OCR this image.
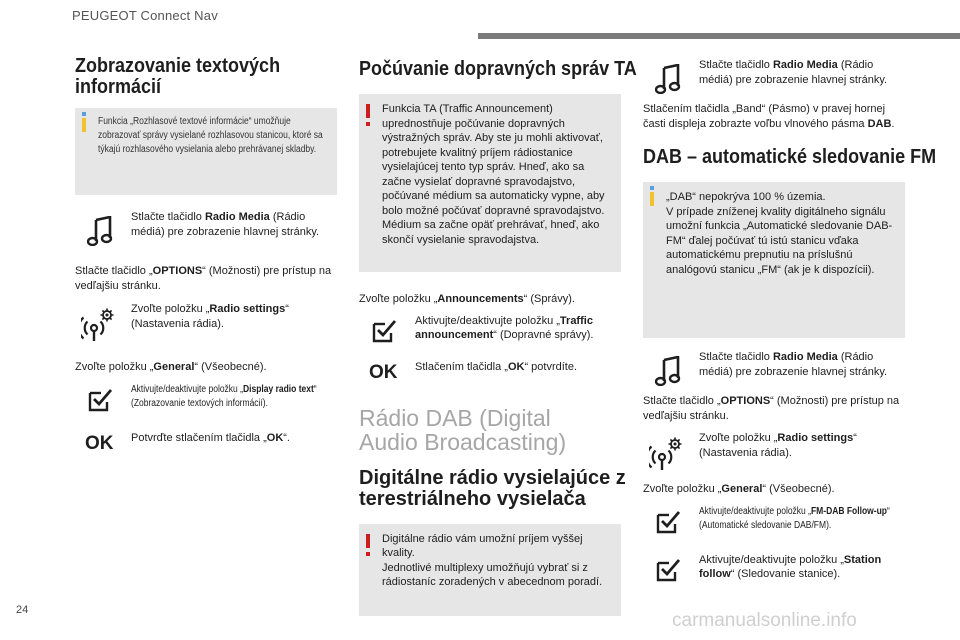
PEUGEOT Connect Nav
carmanualsonline.info
24
Zobrazovanie textových informácií
Funkcia „Rozhlasové textové informácie“ umožňuje zobrazovať správy vysielané rozhlasovou stanicou, ktoré sa týkajú rozhlasového vysielania alebo prehrávanej skladby.
Stlačte tlačidlo Radio Media (Rádio médiá) pre zobrazenie hlavnej stránky.
Stlačte tlačidlo „OPTIONS“ (Možnosti) pre prístup na vedľajšiu stránku.
Zvoľte položku „Radio settings“ (Nastavenia rádia).
Zvoľte položku „General“ (Všeobecné).
Aktivujte/deaktivujte položku „Display radio text“ (Zobrazovanie textových informácií).
OK Potvrďte stlačením tlačidla „OK“.
Počúvanie dopravných správ TA
Funkcia TA (Traffic Announcement) uprednostňuje počúvanie dopravných výstražných správ. Aby ste ju mohli aktivovať, potrebujete kvalitný príjem rádiostanice vysielajúcej tento typ správ. Hneď, ako sa začne vysielať dopravné spravodajstvo, počúvané médium sa automaticky vypne, aby bolo možné počúvať dopravné spravodajstvo. Médium sa začne opäť prehrávať, hneď, ako skončí vysielanie spravodajstva.
Zvoľte položku „Announcements“ (Správy).
Aktivujte/deaktivujte položku „Traffic announcement“ (Dopravné správy).
OK Stlačením tlačidla „OK“ potvrdíte.
Rádio DAB (Digital Audio Broadcasting)
Digitálne rádio vysielajúce z terestriálneho vysielača
Digitálne rádio vám umožní príjem vyššej kvality.
Jednotlivé multiplexy umožňujú vybrať si z rádiostaníc zoradených v abecednom poradí.
Stlačte tlačidlo Radio Media (Rádio médiá) pre zobrazenie hlavnej stránky.
Stlačením tlačidla „Band“ (Pásmo) v pravej hornej časti displeja zobrazte voľbu vlnového pásma DAB.
DAB – automatické sledovanie FM
„DAB“ nepokrýva 100 % územia.
V prípade zníženej kvality digitálneho signálu umožní funkcia „Automatické sledovanie DAB-FM“ ďalej počúvať tú istú stanicu vďaka automatickému prepnutiu na príslušnú analógovú stanicu „FM“ (ak je k dispozícii).
Stlačte tlačidlo Radio Media (Rádio médiá) pre zobrazenie hlavnej stránky.
Stlačte tlačidlo „OPTIONS“ (Možnosti) pre prístup na vedľajšiu stránku.
Zvoľte položku „Radio settings“ (Nastavenia rádia).
Zvoľte položku „General“ (Všeobecné).
Aktivujte/deaktivujte položku „FM-DAB Follow-up“ (Automatické sledovanie DAB/FM).
Aktivujte/deaktivujte položku „Station follow“ (Sledovanie stanice).
